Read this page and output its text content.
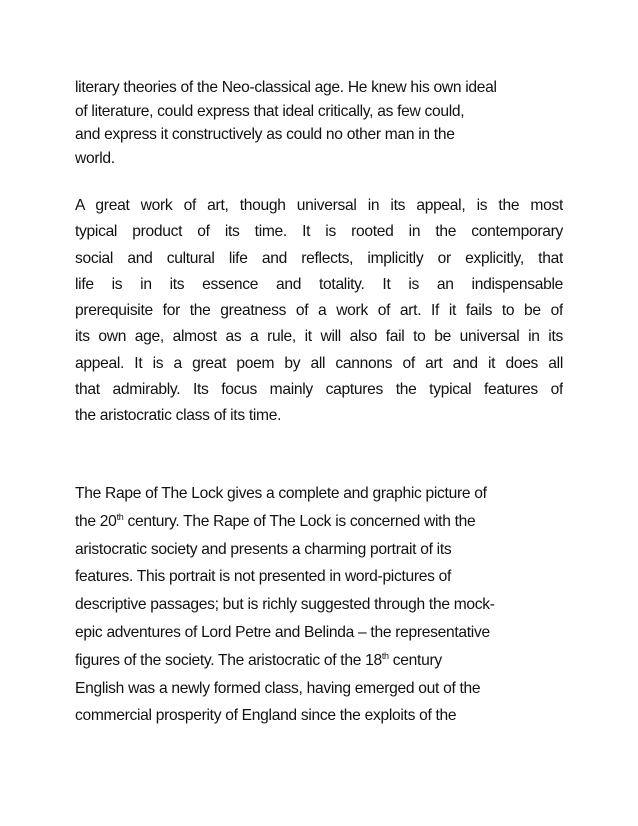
literary theories of the Neo-classical age. He knew his own ideal
of literature, could express that ideal critically, as few could,
and express it constructively as could no other man in the
world.

A great work of art, though universal in its appeal, is the most
typical product of its time. It is rooted in the contemporary
social and cultural life and reflects, implicitly or explicitly, that
life is in its essence and totality. It is an indispensable
prerequisite for the greatness of a work of art. If it fails to be of
its own age, almost as a rule, it will also fail to be universal in its
appeal. It is a great poem by all cannons of art and it does all
that admirably. Its focus mainly captures the typical features of
the aristocratic class of its time.

The Rape of The Lock gives a complete and graphic picture of
the 20th century. The Rape of The Lock is concerned with the
aristocratic society and presents a charming portrait of its
features. This portrait is not presented in word-pictures of
descriptive passages; but is richly suggested through the mock-
epic adventures of Lord Petre and Belinda – the representative
figures of the society. The aristocratic of the 18th century
English was a newly formed class, having emerged out of the
commercial prosperity of England since the exploits of the
